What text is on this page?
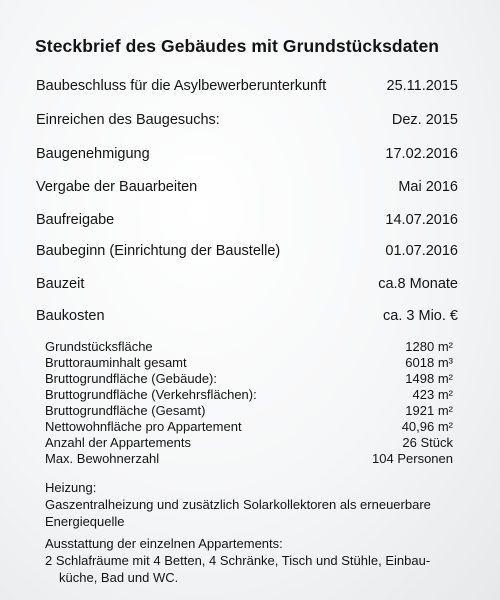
Steckbrief des Gebäudes mit Grundstücksdaten
Baubeschluss für die Asylbewerberunterkunft	25.11.2015
Einreichen des Baugesuchs:	Dez. 2015
Baugenehmigung	17.02.2016
Vergabe der Bauarbeiten	Mai 2016
Baufreigabe	14.07.2016
Baubeginn (Einrichtung der Baustelle)	01.07.2016
Bauzeit	ca.8 Monate
Baukosten	ca. 3 Mio. €
Grundstücksfläche	1280 m²
Bruttorauminhalt gesamt	6018 m³
Bruttogrundfläche (Gebäude):	1498 m²
Bruttogrundfläche (Verkehrsflächen):	423 m²
Bruttogrundfläche (Gesamt)	1921 m²
Nettowohnfläche pro Appartement	40,96 m²
Anzahl der Appartements	26 Stück
Max. Bewohnerzahl	104 Personen
Heizung:
Gaszentralheizung und zusätzlich Solarkollektoren als erneuerbare
Energiequelle
Ausstattung der einzelnen Appartements:
2 Schlafräume mit 4 Betten, 4 Schränke, Tisch und Stühle, Einbau-
küche, Bad und WC.
